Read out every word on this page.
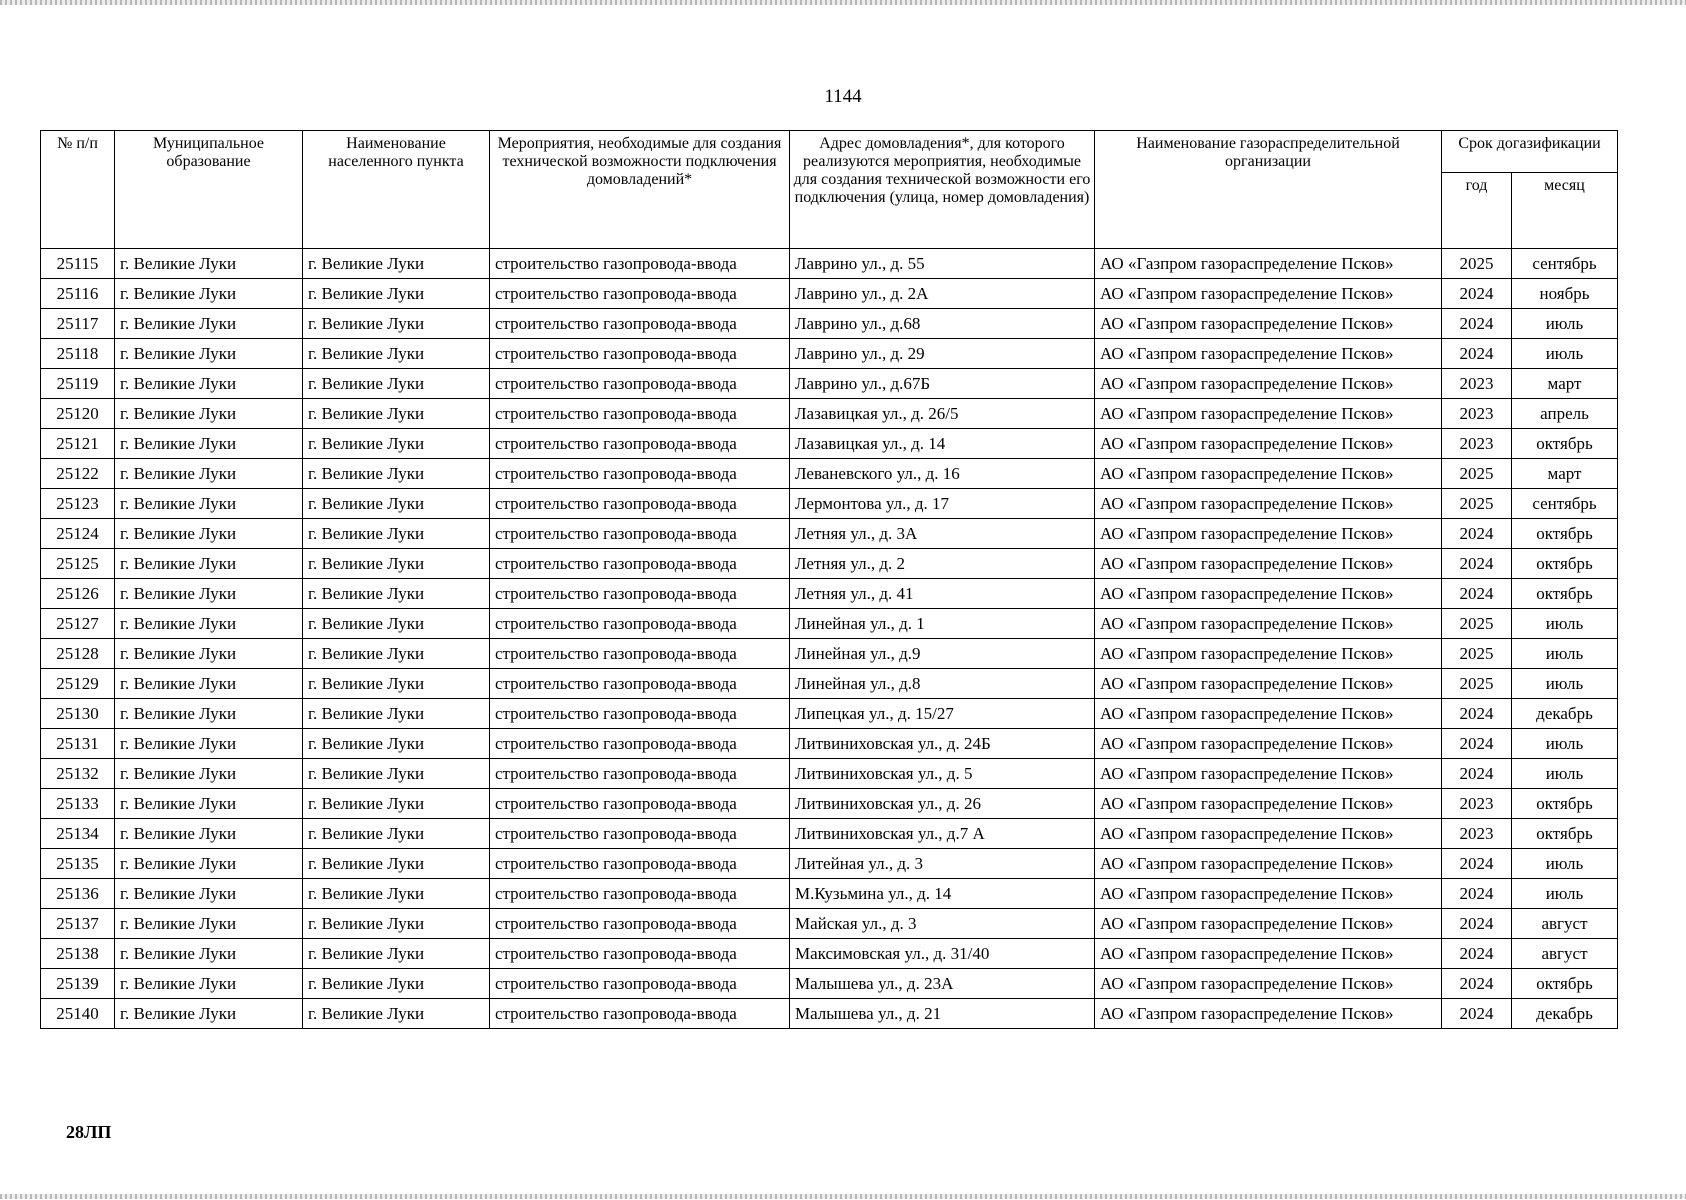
1144
№ п/п	Муниципальное образование	Наименование населенного пункта	Мероприятия, необходимые для создания технической возможности подключения домовладений*	Адрес домовладения*, для которого реализуются мероприятия, необходимые для создания технической возможности его подключения (улица, номер домовладения)	Наименование газораспределительной организации	Срок догазификации	
						год	месяц
25115	г. Великие Луки	г. Великие Луки	строительство газопровода-ввода	Лаврино ул., д. 55	АО «Газпром газораспределение Псков»	2025	сентябрь
25116	г. Великие Луки	г. Великие Луки	строительство газопровода-ввода	Лаврино ул., д. 2А	АО «Газпром газораспределение Псков»	2024	ноябрь
25117	г. Великие Луки	г. Великие Луки	строительство газопровода-ввода	Лаврино ул., д.68	АО «Газпром газораспределение Псков»	2024	июль
25118	г. Великие Луки	г. Великие Луки	строительство газопровода-ввода	Лаврино ул., д. 29	АО «Газпром газораспределение Псков»	2024	июль
25119	г. Великие Луки	г. Великие Луки	строительство газопровода-ввода	Лаврино ул., д.67Б	АО «Газпром газораспределение Псков»	2023	март
25120	г. Великие Луки	г. Великие Луки	строительство газопровода-ввода	Лазавицкая ул., д. 26/5	АО «Газпром газораспределение Псков»	2023	апрель
25121	г. Великие Луки	г. Великие Луки	строительство газопровода-ввода	Лазавицкая ул., д. 14	АО «Газпром газораспределение Псков»	2023	октябрь
25122	г. Великие Луки	г. Великие Луки	строительство газопровода-ввода	Леваневского ул., д. 16	АО «Газпром газораспределение Псков»	2025	март
25123	г. Великие Луки	г. Великие Луки	строительство газопровода-ввода	Лермонтова ул., д. 17	АО «Газпром газораспределение Псков»	2025	сентябрь
25124	г. Великие Луки	г. Великие Луки	строительство газопровода-ввода	Летняя ул., д. 3А	АО «Газпром газораспределение Псков»	2024	октябрь
25125	г. Великие Луки	г. Великие Луки	строительство газопровода-ввода	Летняя ул., д. 2	АО «Газпром газораспределение Псков»	2024	октябрь
25126	г. Великие Луки	г. Великие Луки	строительство газопровода-ввода	Летняя ул., д. 41	АО «Газпром газораспределение Псков»	2024	октябрь
25127	г. Великие Луки	г. Великие Луки	строительство газопровода-ввода	Линейная ул., д. 1	АО «Газпром газораспределение Псков»	2025	июль
25128	г. Великие Луки	г. Великие Луки	строительство газопровода-ввода	Линейная ул., д.9	АО «Газпром газораспределение Псков»	2025	июль
25129	г. Великие Луки	г. Великие Луки	строительство газопровода-ввода	Линейная ул., д.8	АО «Газпром газораспределение Псков»	2025	июль
25130	г. Великие Луки	г. Великие Луки	строительство газопровода-ввода	Липецкая ул., д. 15/27	АО «Газпром газораспределение Псков»	2024	декабрь
25131	г. Великие Луки	г. Великие Луки	строительство газопровода-ввода	Литвиниховская ул., д. 24Б	АО «Газпром газораспределение Псков»	2024	июль
25132	г. Великие Луки	г. Великие Луки	строительство газопровода-ввода	Литвиниховская ул., д. 5	АО «Газпром газораспределение Псков»	2024	июль
25133	г. Великие Луки	г. Великие Луки	строительство газопровода-ввода	Литвиниховская ул., д. 26	АО «Газпром газораспределение Псков»	2023	октябрь
25134	г. Великие Луки	г. Великие Луки	строительство газопровода-ввода	Литвиниховская ул., д.7 А	АО «Газпром газораспределение Псков»	2023	октябрь
25135	г. Великие Луки	г. Великие Луки	строительство газопровода-ввода	Литейная ул., д. 3	АО «Газпром газораспределение Псков»	2024	июль
25136	г. Великие Луки	г. Великие Луки	строительство газопровода-ввода	М.Кузьмина ул., д. 14	АО «Газпром газораспределение Псков»	2024	июль
25137	г. Великие Луки	г. Великие Луки	строительство газопровода-ввода	Майская ул., д. 3	АО «Газпром газораспределение Псков»	2024	август
25138	г. Великие Луки	г. Великие Луки	строительство газопровода-ввода	Максимовская ул., д. 31/40	АО «Газпром газораспределение Псков»	2024	август
25139	г. Великие Луки	г. Великие Луки	строительство газопровода-ввода	Малышева ул., д. 23А	АО «Газпром газораспределение Псков»	2024	октябрь
25140	г. Великие Луки	г. Великие Луки	строительство газопровода-ввода	Малышева ул., д. 21	АО «Газпром газораспределение Псков»	2024	декабрь
28ЛП
